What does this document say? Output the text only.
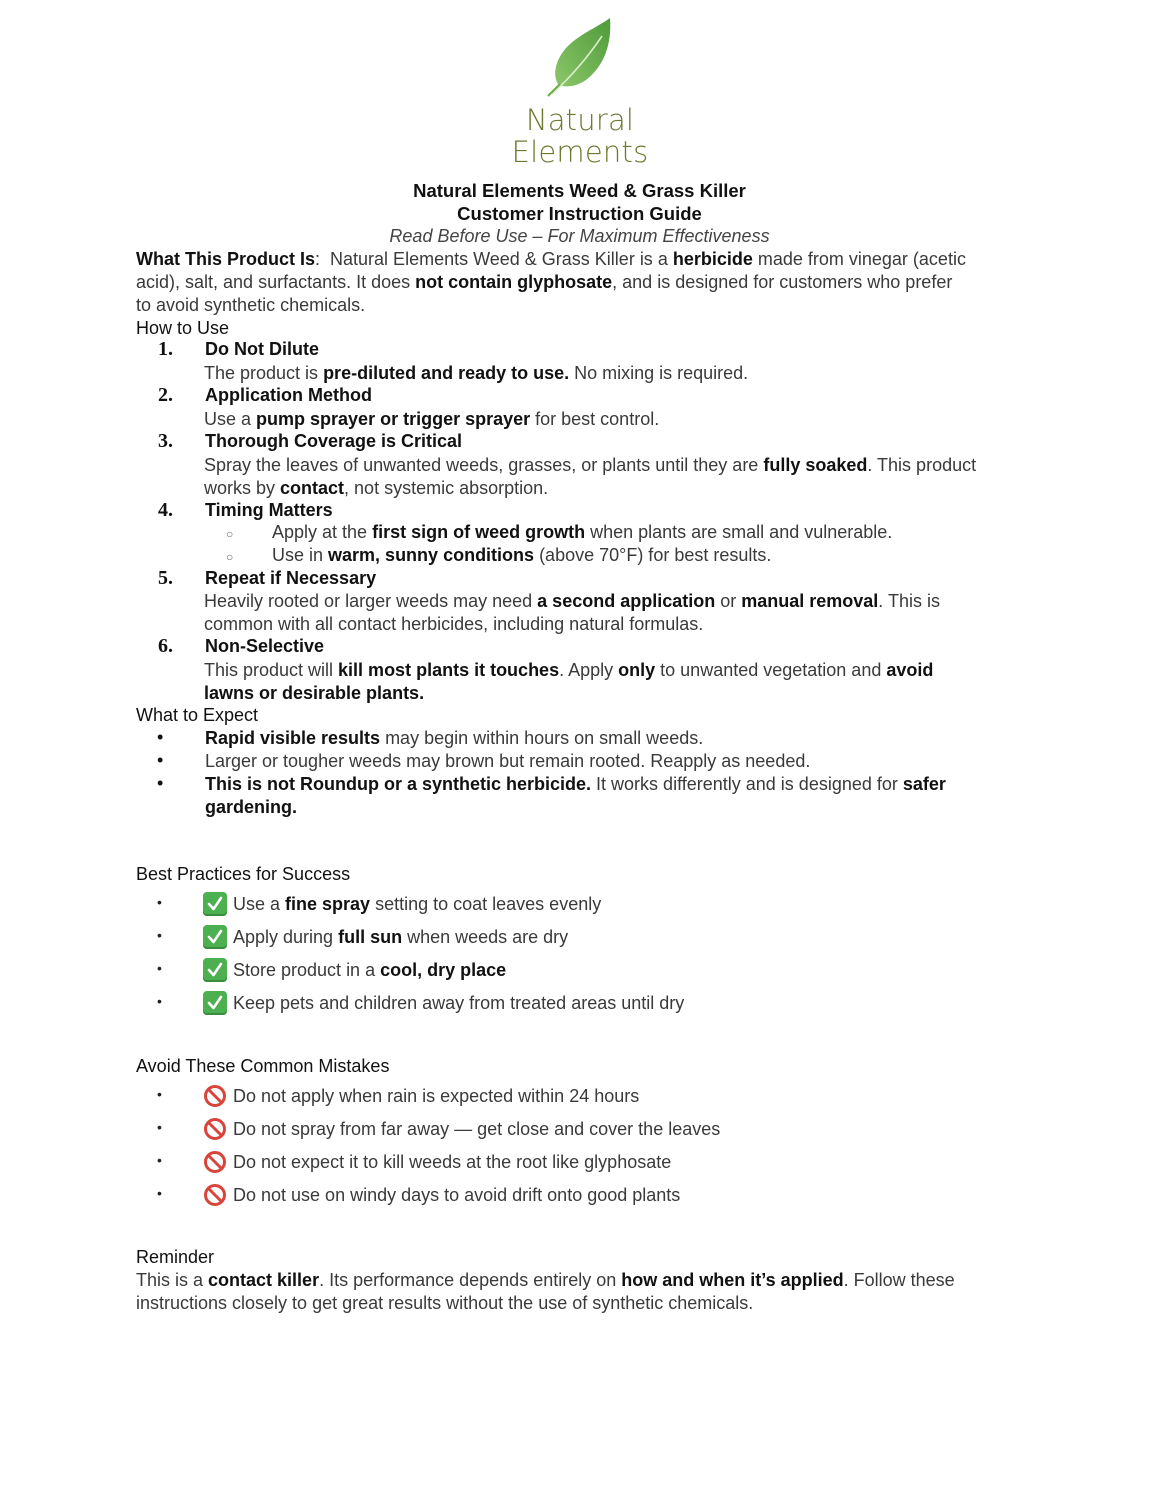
Natural Elements
Natural Elements Weed & Grass Killer
Customer Instruction Guide
Read Before Use – For Maximum Effectiveness
What This Product Is:  Natural Elements Weed & Grass Killer is a herbicide made from vinegar (acetic
acid), salt, and surfactants. It does not contain glyphosate, and is designed for customers who prefer
to avoid synthetic chemicals.
How to Use
1. Do Not Dilute
The product is pre-diluted and ready to use. No mixing is required.
2. Application Method
Use a pump sprayer or trigger sprayer for best control.
3. Thorough Coverage is Critical
Spray the leaves of unwanted weeds, grasses, or plants until they are fully soaked. This product
works by contact, not systemic absorption.
4. Timing Matters
○ Apply at the first sign of weed growth when plants are small and vulnerable.
○ Use in warm, sunny conditions (above 70°F) for best results.
5. Repeat if Necessary
Heavily rooted or larger weeds may need a second application or manual removal. This is
common with all contact herbicides, including natural formulas.
6. Non-Selective
This product will kill most plants it touches. Apply only to unwanted vegetation and avoid
lawns or desirable plants.
What to Expect
• Rapid visible results may begin within hours on small weeds.
• Larger or tougher weeds may brown but remain rooted. Reapply as needed.
• This is not Roundup or a synthetic herbicide. It works differently and is designed for safer
gardening.
Best Practices for Success
•	Use a fine spray setting to coat leaves evenly
•	Apply during full sun when weeds are dry
•	Store product in a cool, dry place
•	Keep pets and children away from treated areas until dry
Avoid These Common Mistakes
•	Do not apply when rain is expected within 24 hours
•	Do not spray from far away — get close and cover the leaves
•	Do not expect it to kill weeds at the root like glyphosate
•	Do not use on windy days to avoid drift onto good plants
Reminder
This is a contact killer. Its performance depends entirely on how and when it’s applied. Follow these
instructions closely to get great results without the use of synthetic chemicals.
